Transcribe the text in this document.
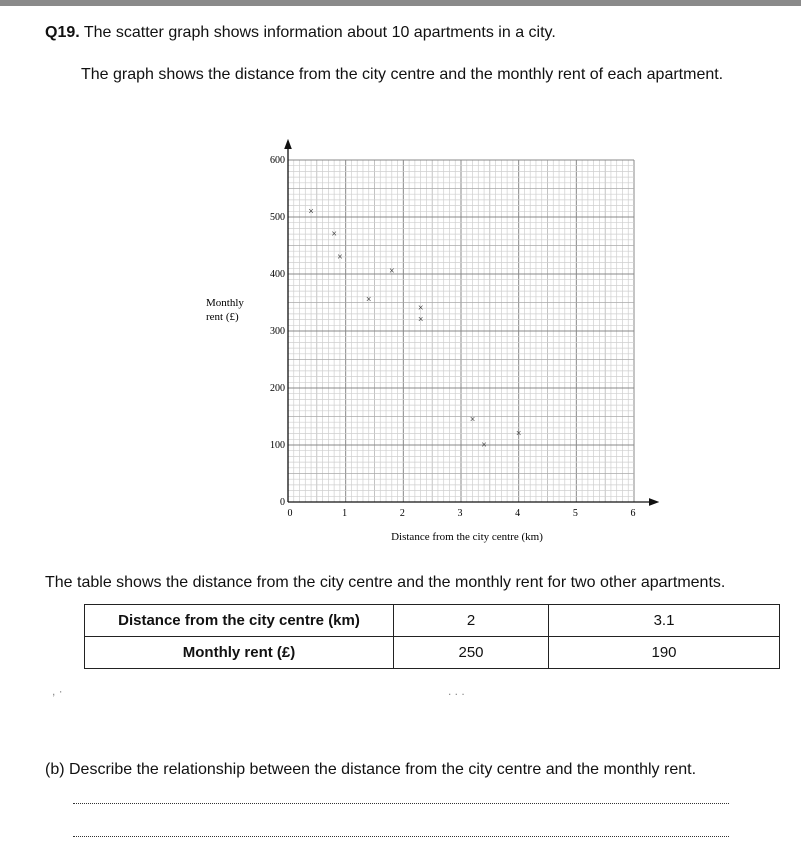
Q19. The scatter graph shows information about 10 apartments in a city.
The graph shows the distance from the city centre and the monthly rent of each apartment.
0	1	2	3	4	5	6
0
100
200
300
400
500
600
Distance from the city centre (km)
Monthly
rent (£)
×
×
×
×
×
×
×
×
×
×
The table shows the distance from the city centre and the monthly rent for two other apartments.
Distance from the city centre (km)	2	3.1
Monthly rent (£)	250	190
, ·	. . .
(b) Describe the relationship between the distance from the city centre and the monthly rent.
